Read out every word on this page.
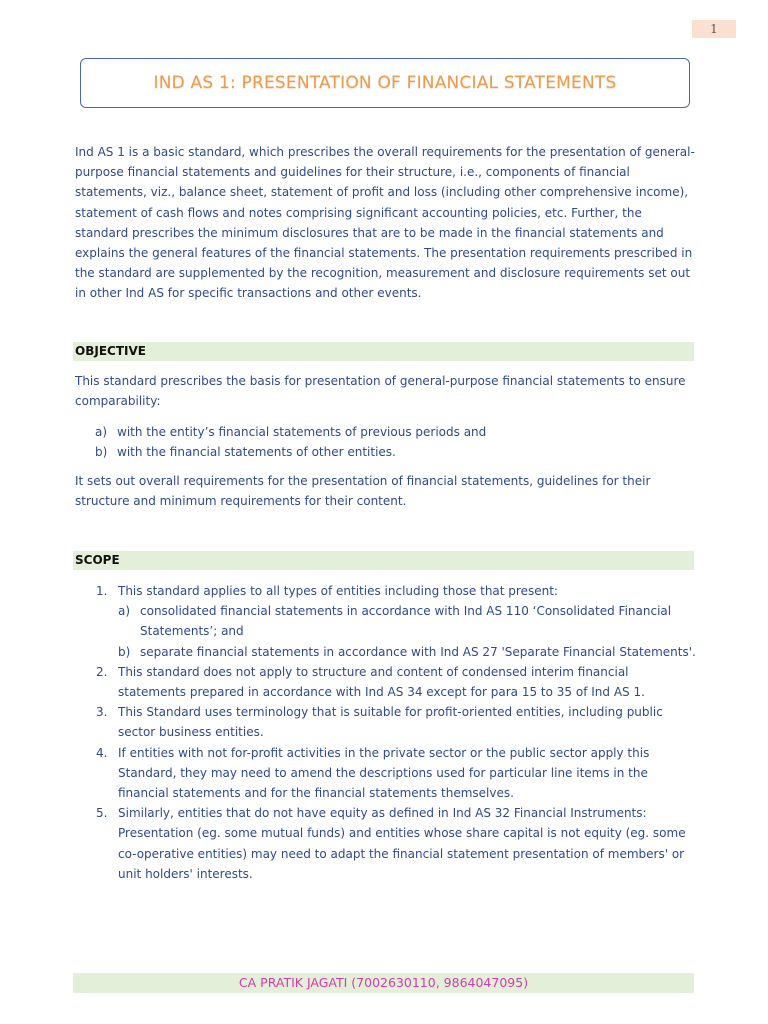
1
IND AS 1: PRESENTATION OF FINANCIAL STATEMENTS

Ind AS 1 is a basic standard, which prescribes the overall requirements for the presentation of general-purpose financial statements and guidelines for their structure, i.e., components of financial statements, viz., balance sheet, statement of profit and loss (including other comprehensive income), statement of cash flows and notes comprising significant accounting policies, etc. Further, the standard prescribes the minimum disclosures that are to be made in the financial statements and explains the general features of the financial statements. The presentation requirements prescribed in the standard are supplemented by the recognition, measurement and disclosure requirements set out in other Ind AS for specific transactions and other events.

OBJECTIVE

This standard prescribes the basis for presentation of general-purpose financial statements to ensure comparability:

a) with the entity’s financial statements of previous periods and
b) with the financial statements of other entities.

It sets out overall requirements for the presentation of financial statements, guidelines for their structure and minimum requirements for their content.

SCOPE
1. This standard applies to all types of entities including those that present:
a) consolidated financial statements in accordance with Ind AS 110 ‘Consolidated Financial Statements’; and
b) separate financial statements in accordance with Ind AS 27 'Separate Financial Statements'.
2. This standard does not apply to structure and content of condensed interim financial statements prepared in accordance with Ind AS 34 except for para 15 to 35 of Ind AS 1.
3. This Standard uses terminology that is suitable for profit-oriented entities, including public sector business entities.
4. If entities with not for-profit activities in the private sector or the public sector apply this Standard, they may need to amend the descriptions used for particular line items in the financial statements and for the financial statements themselves.
5. Similarly, entities that do not have equity as defined in Ind AS 32 Financial Instruments: Presentation (eg. some mutual funds) and entities whose share capital is not equity (eg. some co-operative entities) may need to adapt the financial statement presentation of members' or unit holders' interests.
CA PRATIK JAGATI (7002630110, 9864047095)
